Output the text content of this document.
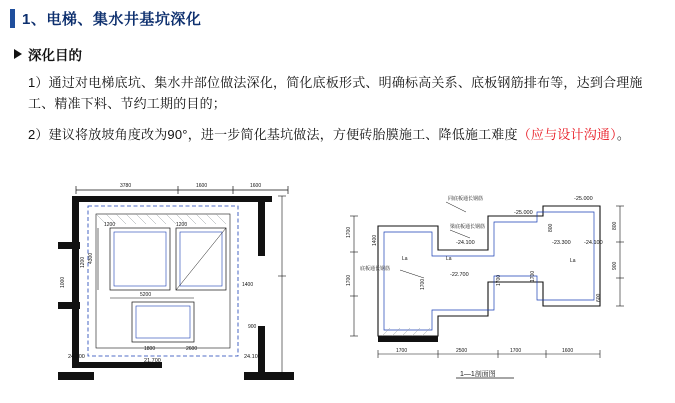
1、电梯、集水井基坑深化
深化目的
1）通过对电梯底坑、集水井部位做法深化，简化底板形式、明确标高关系、底板钢筋排布等，达到合理施工、精准下料、节约工期的目的；
2）建议将放坡角度改为90°，进一步简化基坑做法，方便砖胎膜施工、降低施工难度（应与设计沟通）。
3780	1600	1600
4300
1200
1200	1200
5200
1800	2600
21.700
24.100	24.100
1400
900
1000
同底板通长钢筋
梁底板通长钢筋
底板通长钢筋
-25.000
-25.000
-23.300 -24.100
-22.700
-24.100
La	La	La
1700
1700
1400
1700	1700	1700
800
900
600
800
1700	2500	1700	1600
1—1剖面图
